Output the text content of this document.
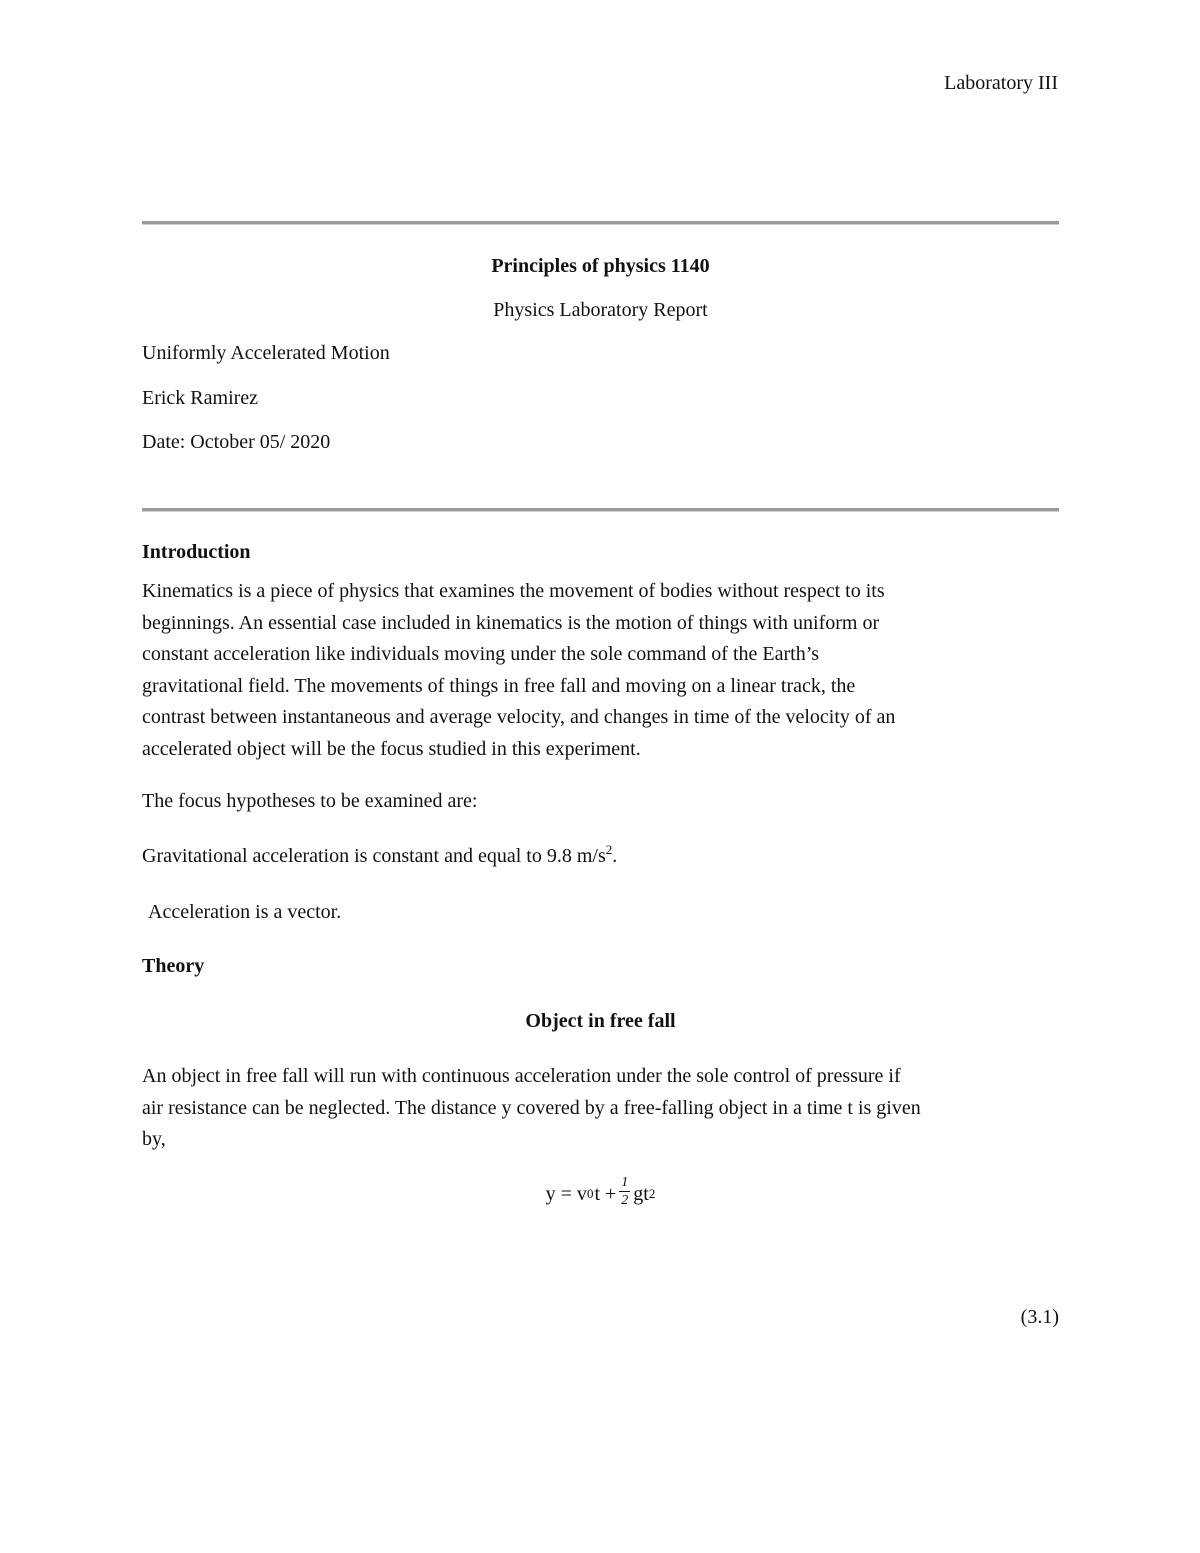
Laboratory III
Principles of physics 1140
Physics Laboratory Report
Uniformly Accelerated Motion
Erick Ramirez
Date: October 05/ 2020
Introduction
Kinematics is a piece of physics that examines the movement of bodies without respect to its
beginnings. An essential case included in kinematics is the motion of things with uniform or
constant acceleration like individuals moving under the sole command of the Earth’s
gravitational field. The movements of things in free fall and moving on a linear track, the
contrast between instantaneous and average velocity, and changes in time of the velocity of an
accelerated object will be the focus studied in this experiment.
The focus hypotheses to be examined are:
Gravitational acceleration is constant and equal to 9.8 $m/s^2$.
Acceleration is a vector.
Theory
Object in free fall
An object in free fall will run with continuous acceleration under the sole control of pressure if
air resistance can be neglected. The distance y covered by a free-falling object in a time t is given
by,
y = v 0 $t + \frac{1}{2}$ gt 2
(3.1)
